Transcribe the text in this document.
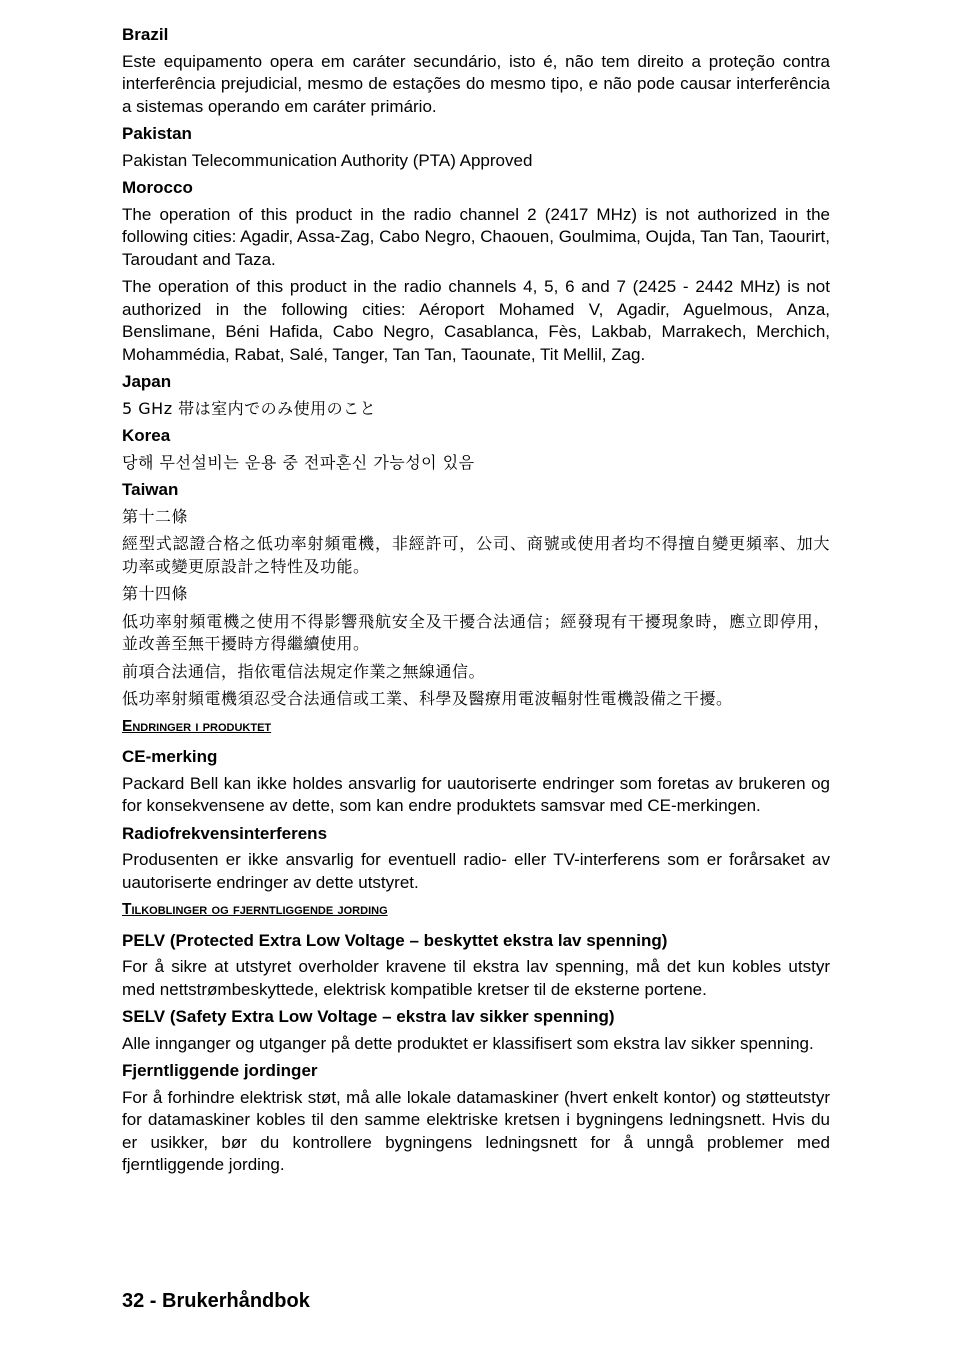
Brazil
Este equipamento opera em caráter secundário, isto é, não tem direito a proteção contra interferência prejudicial, mesmo de estações do mesmo tipo, e não pode causar interferência a sistemas operando em caráter primário.
Pakistan
Pakistan Telecommunication Authority (PTA) Approved
Morocco
The operation of this product in the radio channel 2 (2417 MHz) is not authorized in the following cities: Agadir, Assa-Zag, Cabo Negro, Chaouen, Goulmima, Oujda, Tan Tan, Taourirt, Taroudant and Taza.
The operation of this product in the radio channels 4, 5, 6 and 7 (2425 - 2442 MHz) is not authorized in the following cities: Aéroport Mohamed V, Agadir, Aguelmous, Anza, Benslimane, Béni Hafida, Cabo Negro, Casablanca, Fès, Lakbab, Marrakech, Merchich, Mohammédia, Rabat, Salé, Tanger, Tan Tan, Taounate, Tit Mellil, Zag.
Japan
5 GHz 帯は室内でのみ使用のこと
Korea
당해 무선설비는 운용 중 전파혼신 가능성이 있음
Taiwan
第十二條
經型式認證合格之低功率射頻電機，非經許可，公司、商號或使用者均不得擅自變更頻率、加大功率或變更原設計之特性及功能。
第十四條
低功率射頻電機之使用不得影響飛航安全及干擾合法通信；經發現有干擾現象時，應立即停用，並改善至無干擾時方得繼續使用。
前項合法通信，指依電信法規定作業之無線通信。
低功率射頻電機須忍受合法通信或工業、科學及醫療用電波輻射性電機設備之干擾。
Endringer i produktet
CE-merking
Packard Bell kan ikke holdes ansvarlig for uautoriserte endringer som foretas av brukeren og for konsekvensene av dette, som kan endre produktets samsvar med CE-merkingen.
Radiofrekvensinterferens
Produsenten er ikke ansvarlig for eventuell radio- eller TV-interferens som er forårsaket av uautoriserte endringer av dette utstyret.
Tilkoblinger og fjerntliggende jording
PELV (Protected Extra Low Voltage – beskyttet ekstra lav spenning)
For å sikre at utstyret overholder kravene til ekstra lav spenning, må det kun kobles utstyr med nettstrømbeskyttede, elektrisk kompatible kretser til de eksterne portene.
SELV (Safety Extra Low Voltage – ekstra lav sikker spenning)
Alle innganger og utganger på dette produktet er klassifisert som ekstra lav sikker spenning.
Fjerntliggende jordinger
For å forhindre elektrisk støt, må alle lokale datamaskiner (hvert enkelt kontor) og støtteutstyr for datamaskiner kobles til den samme elektriske kretsen i bygningens ledningsnett. Hvis du er usikker, bør du kontrollere bygningens ledningsnett for å unngå problemer med fjerntliggende jording.
32 - Brukerhåndbok
